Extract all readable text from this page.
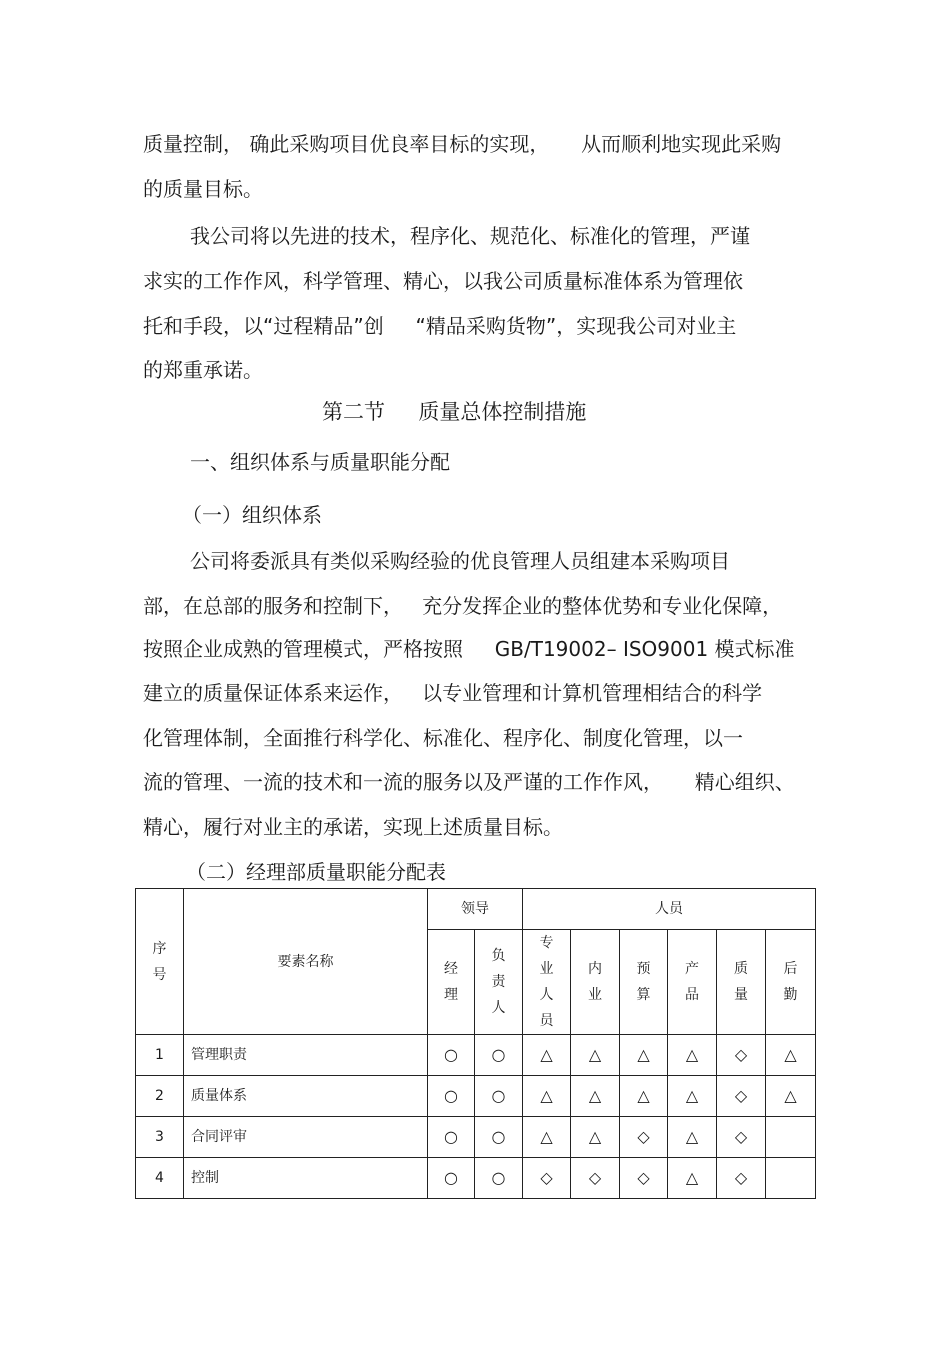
质量控制， 确此采购项目优良率目标的实现，     从而顺利地实现此采购
的质量目标。
我公司将以先进的技术，程序化、规范化、标准化的管理，严谨
求实的工作作风，科学管理、精心，以我公司质量标准体系为管理依
托和手段，以“过程精品”创     “精品采购货物”，实现我公司对业主
的郑重承诺。
第二节     质量总体控制措施
一、组织体系与质量职能分配
（一）组织体系
公司将委派具有类似采购经验的优良管理人员组建本采购项目
部，在总部的服务和控制下，   充分发挥企业的整体优势和专业化保障，
按照企业成熟的管理模式，严格按照     GB/T19002– ISO9001 模式标准
建立的质量保证体系来运作，   以专业管理和计算机管理相结合的科学
化管理体制，全面推行科学化、标准化、程序化、制度化管理，以一
流的管理、一流的技术和一流的服务以及严谨的工作作风，     精心组织、
精心，履行对业主的承诺，实现上述质量目标。
（二）经理部质量职能分配表
序号	要素名称	领导		人员					
		经理	负责人	专业人员	内业	预算	产品	质量	后勤
1	管理职责	○	○	△	△	△	△	◇	△
2	质量体系	○	○	△	△	△	△	◇	△
3	合同评审	○	○	△	△	◇	△	◇	
4	控制	○	○	◇	◇	◇	△	◇	
